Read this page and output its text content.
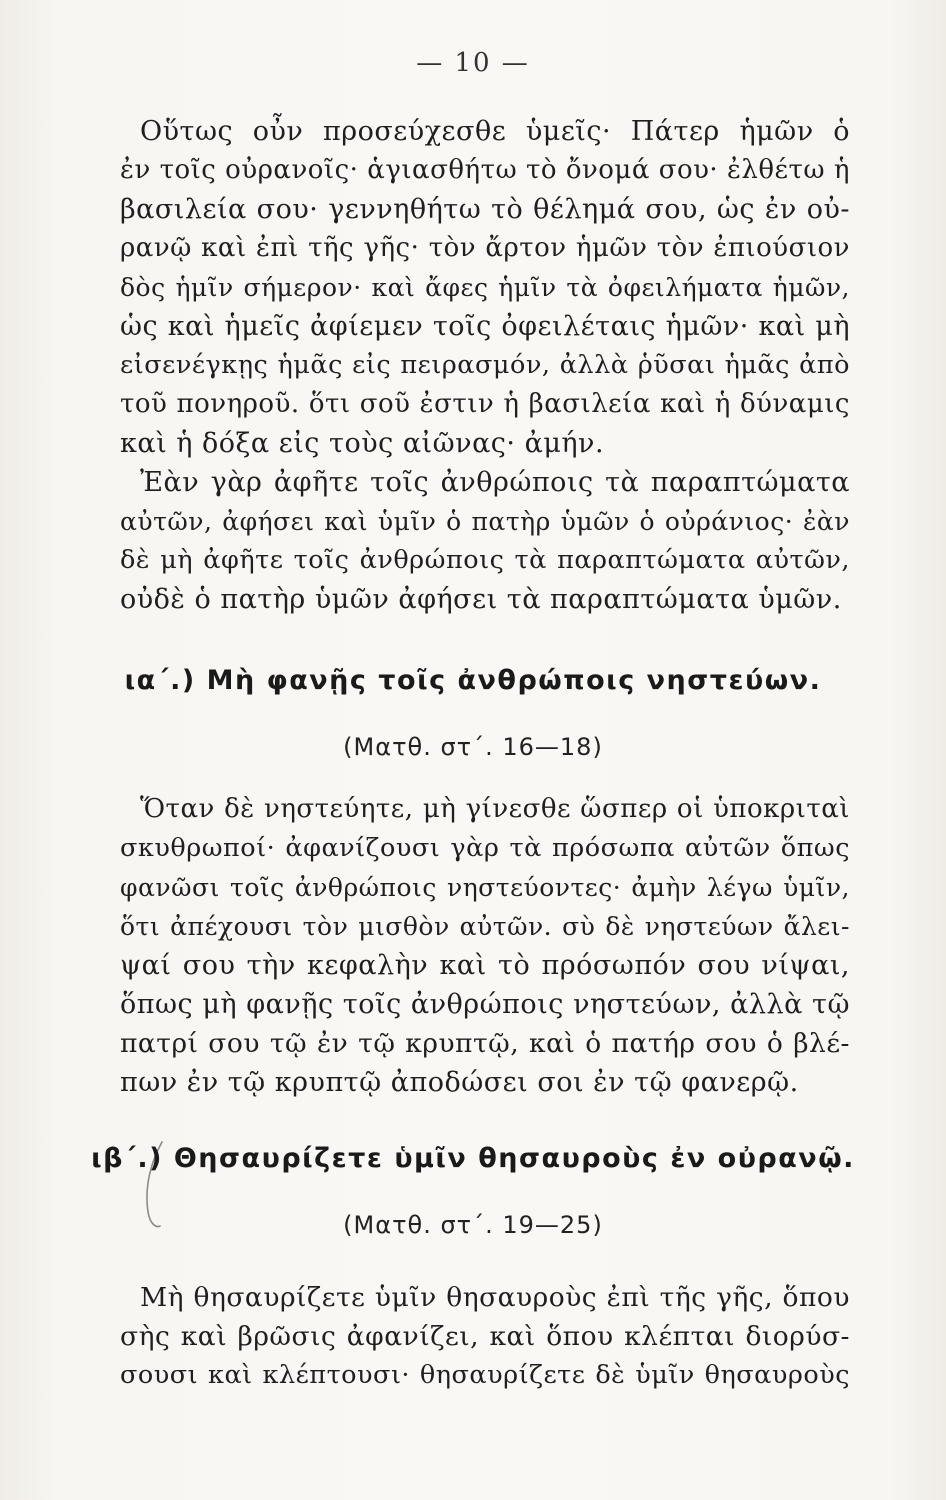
— 10 —
Οὕτως οὖν προσεύχεσθε ὑμεῖς· Πάτερ ἡμῶν ὁ
ἐν τοῖς οὐρανοῖς· ἁγιασθήτω τὸ ὄνομά σου· ἐλθέτω ἡ
βασιλεία σου· γεννηθήτω τὸ θέλημά σου, ὡς ἐν οὐ-
ρανῷ καὶ ἐπὶ τῆς γῆς· τὸν ἄρτον ἡμῶν τὸν ἐπιούσιον
δὸς ἡμῖν σήμερον· καὶ ἄφες ἡμῖν τὰ ὀφειλήματα ἡμῶν,
ὡς καὶ ἡμεῖς ἀφίεμεν τοῖς ὀφειλέταις ἡμῶν· καὶ μὴ
εἰσενέγκῃς ἡμᾶς εἰς πειρασμόν, ἀλλὰ ῥῦσαι ἡμᾶς ἀπὸ
τοῦ πονηροῦ. ὅτι σοῦ ἐστιν ἡ βασιλεία καὶ ἡ δύναμις
καὶ ἡ δόξα εἰς τοὺς αἰῶνας· ἀμήν.
Ἐὰν γὰρ ἀφῆτε τοῖς ἀνθρώποις τὰ παραπτώματα
αὐτῶν, ἀφήσει καὶ ὑμῖν ὁ πατὴρ ὑμῶν ὁ οὐράνιος· ἐὰν
δὲ μὴ ἀφῆτε τοῖς ἀνθρώποις τὰ παραπτώματα αὐτῶν,
οὐδὲ ὁ πατὴρ ὑμῶν ἀφήσει τὰ παραπτώματα ὑμῶν.
ια΄.) Μὴ φανῇς τοῖς ἀνθρώποις νηστεύων.
(Ματθ. στ΄. 16—18)
Ὅταν δὲ νηστεύητε, μὴ γίνεσθε ὥσπερ οἱ ὑποκριταὶ
σκυθρωποί· ἀφανίζουσι γὰρ τὰ πρόσωπα αὐτῶν ὅπως
φανῶσι τοῖς ἀνθρώποις νηστεύοντες· ἀμὴν λέγω ὑμῖν,
ὅτι ἀπέχουσι τὸν μισθὸν αὐτῶν. σὺ δὲ νηστεύων ἄλει-
ψαί σου τὴν κεφαλὴν καὶ τὸ πρόσωπόν σου νίψαι,
ὅπως μὴ φανῇς τοῖς ἀνθρώποις νηστεύων, ἀλλὰ τῷ
πατρί σου τῷ ἐν τῷ κρυπτῷ, καὶ ὁ πατήρ σου ὁ βλέ-
πων ἐν τῷ κρυπτῷ ἀποδώσει σοι ἐν τῷ φανερῷ.
ιβ΄.) Θησαυρίζετε ὑμῖν θησαυροὺς ἐν οὐρανῷ.
(Ματθ. στ΄. 19—25)
Μὴ θησαυρίζετε ὑμῖν θησαυροὺς ἐπὶ τῆς γῆς, ὅπου
σὴς καὶ βρῶσις ἀφανίζει, καὶ ὅπου κλέπται διορύσ-
σουσι καὶ κλέπτουσι· θησαυρίζετε δὲ ὑμῖν θησαυροὺς
